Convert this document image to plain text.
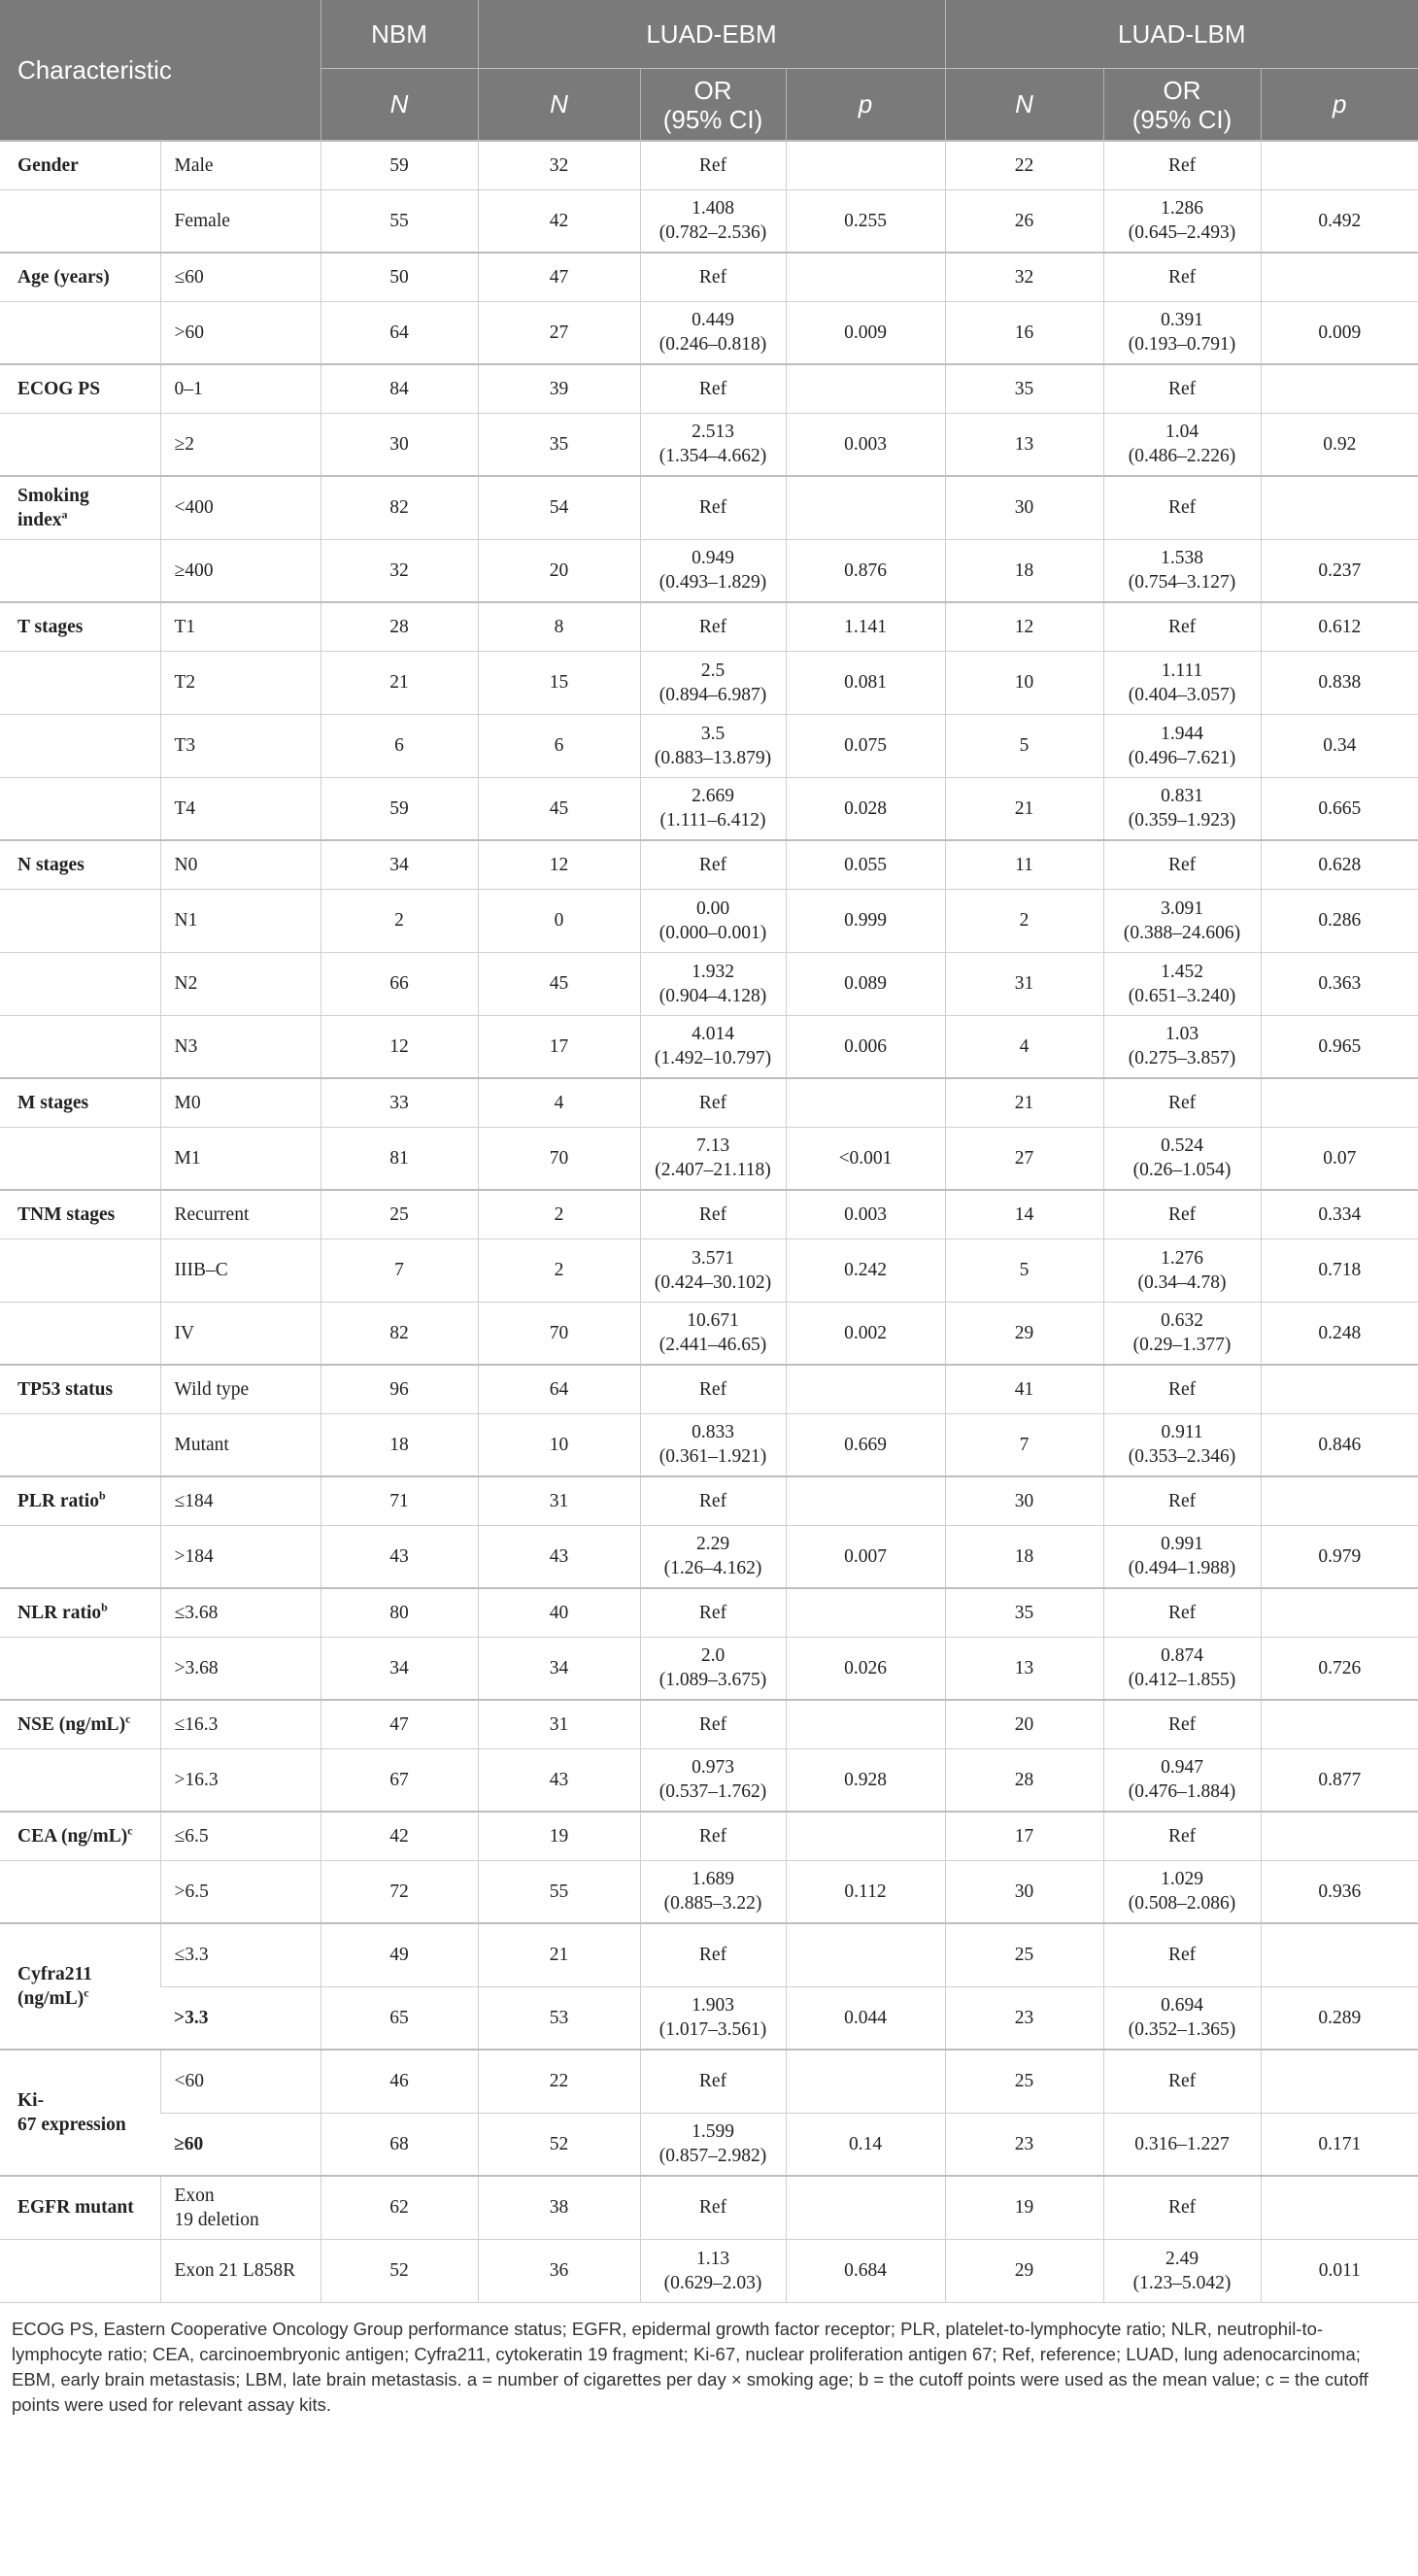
Characteristic		NBM	LUAD-EBM			LUAD-LBM		
		N	N	OR
(95% CI)	p	N	OR
(95% CI)	p
Gender	Male	59	32	Ref		22	Ref	
	Female	55	42	1.408
(0.782–2.536)	0.255	26	1.286
(0.645–2.493)	0.492
Age (years)	≤60	50	47	Ref		32	Ref	
	>60	64	27	0.449
(0.246–0.818)	0.009	16	0.391
(0.193–0.791)	0.009
ECOG PS	0–1	84	39	Ref		35	Ref	
	≥2	30	35	2.513
(1.354–4.662)	0.003	13	1.04
(0.486–2.226)	0.92
Smoking
index$^a$	<400	82	54	Ref		30	Ref	
	≥400	32	20	0.949
(0.493–1.829)	0.876	18	1.538
(0.754–3.127)	0.237
T stages	T1	28	8	Ref	1.141	12	Ref	0.612
	T2	21	15	2.5
(0.894–6.987)	0.081	10	1.111
(0.404–3.057)	0.838
	T3	6	6	3.5
(0.883–13.879)	0.075	5	1.944
(0.496–7.621)	0.34
	T4	59	45	2.669
(1.111–6.412)	0.028	21	0.831
(0.359–1.923)	0.665
N stages	N0	34	12	Ref	0.055	11	Ref	0.628
	N1	2	0	0.00
(0.000–0.001)	0.999	2	3.091
(0.388–24.606)	0.286
	N2	66	45	1.932
(0.904–4.128)	0.089	31	1.452
(0.651–3.240)	0.363
	N3	12	17	4.014
(1.492–10.797)	0.006	4	1.03
(0.275–3.857)	0.965
M stages	M0	33	4	Ref		21	Ref	
	M1	81	70	7.13
(2.407–21.118)	<0.001	27	0.524
(0.26–1.054)	0.07
TNM stages	Recurrent	25	2	Ref	0.003	14	Ref	0.334
	IIIB–C	7	2	3.571
(0.424–30.102)	0.242	5	1.276
(0.34–4.78)	0.718
	IV	82	70	10.671
(2.441–46.65)	0.002	29	0.632
(0.29–1.377)	0.248
TP53 status	Wild type	96	64	Ref		41	Ref	
	Mutant	18	10	0.833
(0.361–1.921)	0.669	7	0.911
(0.353–2.346)	0.846
PLR ratio$^b$	≤184	71	31	Ref		30	Ref	
	>184	43	43	2.29
(1.26–4.162)	0.007	18	0.991
(0.494–1.988)	0.979
NLR ratio$^b$	≤3.68	80	40	Ref		35	Ref	
	>3.68	34	34	2.0
(1.089–3.675)	0.026	13	0.874
(0.412–1.855)	0.726
NSE $(ng/mL)^c$	≤16.3	47	31	Ref		20	Ref	
	>16.3	67	43	0.973
(0.537–1.762)	0.928	28	0.947
(0.476–1.884)	0.877
CEA $(ng/mL)^c$	≤6.5	42	19	Ref		17	Ref	
	>6.5	72	55	1.689
(0.885–3.22)	0.112	30	1.029
(0.508–2.086)	0.936
Cyfra211
$(ng/mL)^c$	≤3.3	49	21	Ref		25	Ref	
	>3.3	65	53	1.903
(1.017–3.561)	0.044	23	0.694
(0.352–1.365)	0.289
Ki-
67 expression	<60	46	22	Ref		25	Ref	
	≥60	68	52	1.599
(0.857–2.982)	0.14	23	0.316–1.227	0.171
EGFR mutant	Exon
19 deletion	62	38	Ref		19	Ref	
	Exon 21 L858R	52	36	1.13
(0.629–2.03)	0.684	29	2.49
(1.23–5.042)	0.011
ECOG PS, Eastern Cooperative Oncology Group performance status; EGFR, epidermal growth factor receptor; PLR, platelet-to-lymphocyte ratio; NLR, neutrophil-to-lymphocyte ratio; CEA, carcinoembryonic antigen; Cyfra211, cytokeratin 19 fragment; Ki-67, nuclear proliferation antigen 67; Ref, reference; LUAD, lung adenocarcinoma; EBM, early brain metastasis; LBM, late brain metastasis. a = number of cigarettes per day × smoking age; b = the cutoff points were used as the mean value; c = the cutoff points were used for relevant assay kits.
